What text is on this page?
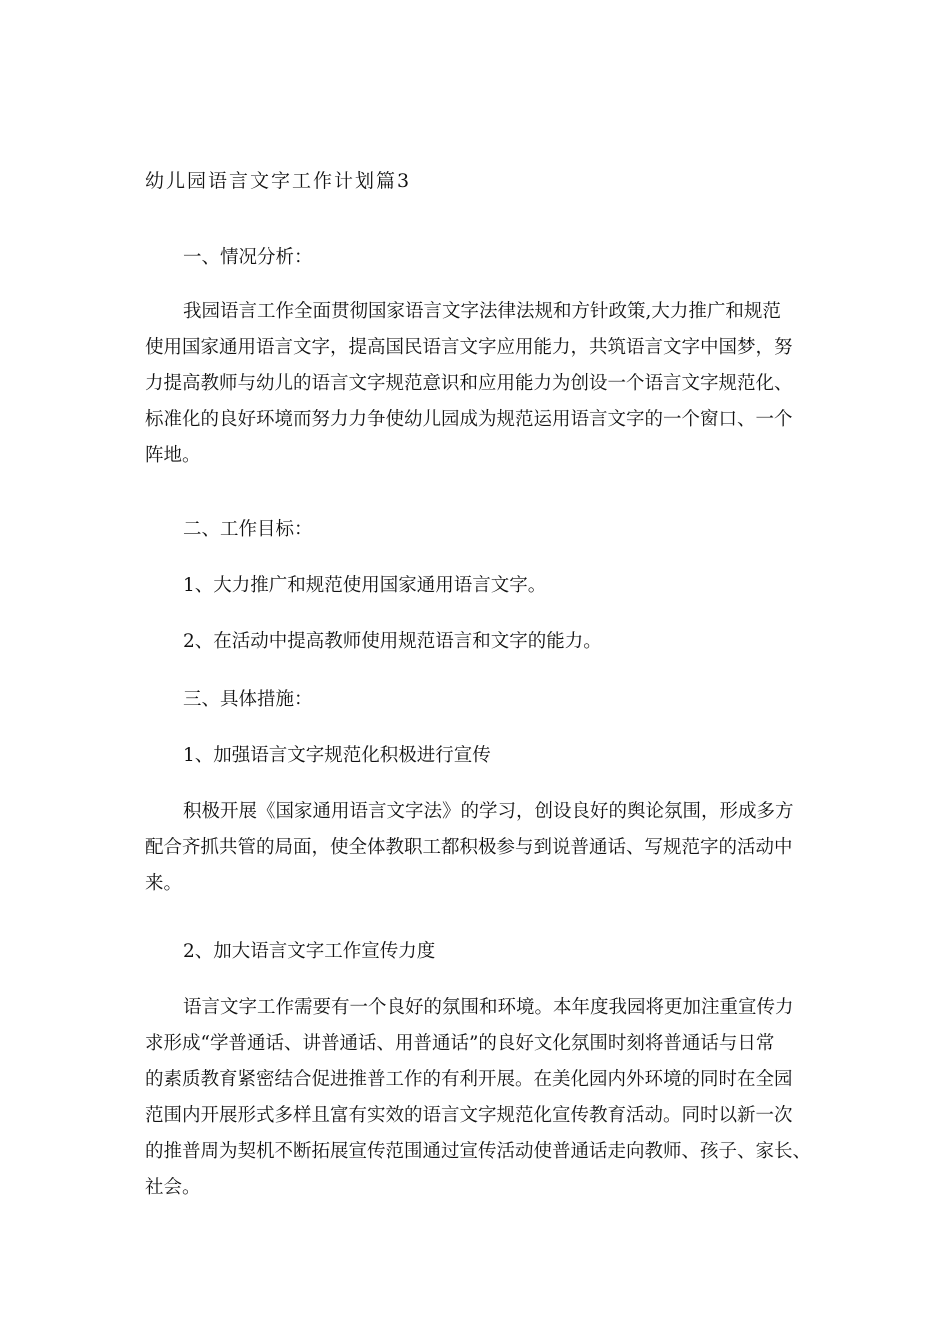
幼儿园语言文字工作计划篇3

一、情况分析：

我园语言工作全面贯彻国家语言文字法律法规和方针政策,大力推广和规范
使用国家通用语言文字，提高国民语言文字应用能力，共筑语言文字中国梦，努
力提高教师与幼儿的语言文字规范意识和应用能力为创设一个语言文字规范化、
标准化的良好环境而努力力争使幼儿园成为规范运用语言文字的一个窗口、一个
阵地。

二、工作目标：

1、大力推广和规范使用国家通用语言文字。

2、在活动中提高教师使用规范语言和文字的能力。

三、具体措施：

1、加强语言文字规范化积极进行宣传

积极开展《国家通用语言文字法》的学习，创设良好的舆论氛围，形成多方
配合齐抓共管的局面，使全体教职工都积极参与到说普通话、写规范字的活动中
来。

2、加大语言文字工作宣传力度

语言文字工作需要有一个良好的氛围和环境。本年度我园将更加注重宣传力
求形成“学普通话、讲普通话、用普通话”的良好文化氛围时刻将普通话与日常
的素质教育紧密结合促进推普工作的有利开展。在美化园内外环境的同时在全园
范围内开展形式多样且富有实效的语言文字规范化宣传教育活动。同时以新一次
的推普周为契机不断拓展宣传范围通过宣传活动使普通话走向教师、孩子、家长、
社会。
